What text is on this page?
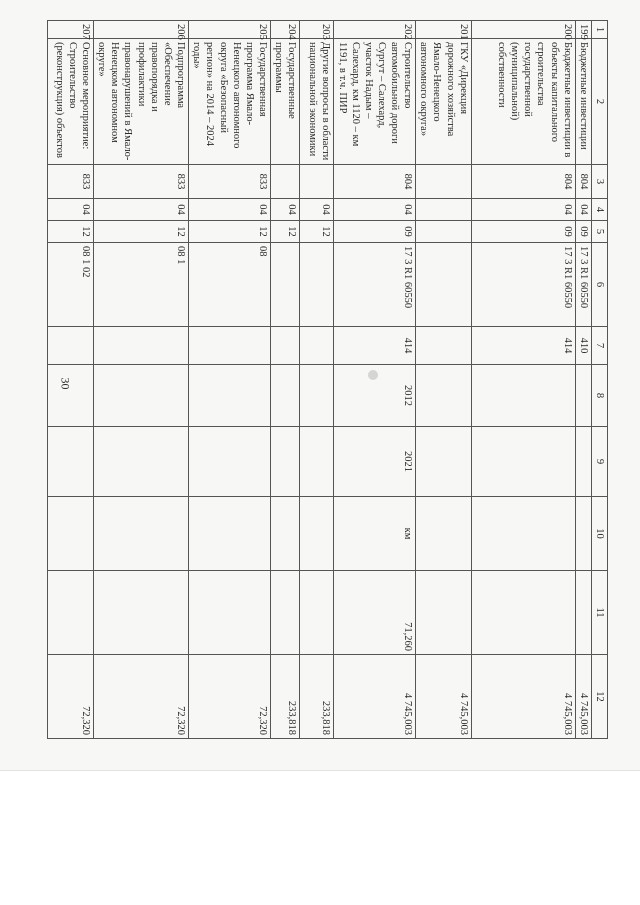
30
1	2	3	4	5	6	7	8	9	10	11	12
199	Бюджетные инвестиции	804	04	09	17 3 R1 60550	410					4 745,003
200	Бюджетные инвестиции в объекты капитального строительства государственной (муниципальной) собственности	804	04	09	17 3 R1 60550	414					4 745,003
201	ГКУ «Дирекция дорожного хозяйства Ямало-Ненецкого автономного округа»										4 745,003
202	Строительство автомобильной дороги Сургут – Салехард, участок Надым – Салехард, км 1120 – км 1191, в т.ч. ПИР	804	04	09	17 3 R1 60550	414	2012	2021	км	71,260	4 745,003
203	Другие вопросы в области национальной экономики		04	12							233,818
204	Государственные программы		04	12							233,818
205	Государственная программа Ямало-Ненецкого автономного округа «Безопасный регион» на 2014 – 2024 годы»	833	04	12	08						72,320
206	Подпрограмма «Обеспечение правопорядка и профилактики правонарушений в Ямало-Ненецком автономном округе»	833	04	12	08 1						72,320
207	Основное мероприятие: Строительство (реконструкция) объектов	833	04	12	08 1 02						72,320
